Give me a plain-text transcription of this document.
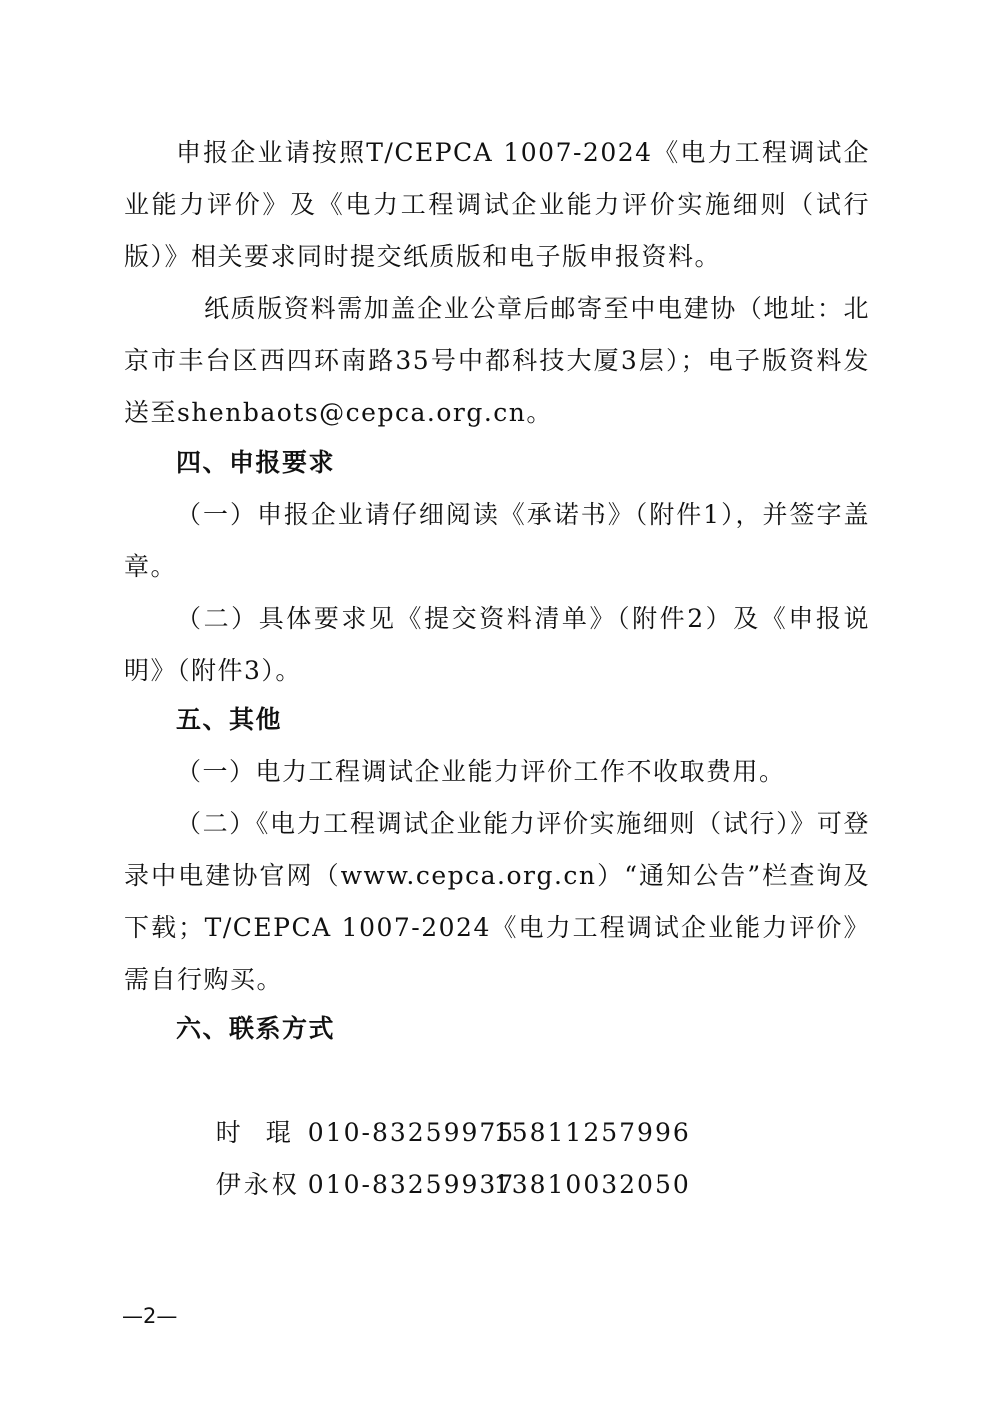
申报企业请按照T/CEPCA 1007-2024《电力工程调试企业能力评价》及《电力工程调试企业能力评价实施细则（试行版）》相关要求同时提交纸质版和电子版申报资料。

纸质版资料需加盖企业公章后邮寄至中电建协（地址：北京市丰台区西四环南路35号中都科技大厦3层）；电子版资料发送至shenbaots@cepca.org.cn。

四、申报要求

（一）申报企业请仔细阅读《承诺书》（附件1），并签字盖章。

（二）具体要求见《提交资料清单》（附件2）及《申报说明》（附件3）。

五、其他

（一）电力工程调试企业能力评价工作不收取费用。

（二）《电力工程调试企业能力评价实施细则（试行）》可登录中电建协官网（www.cepca.org.cn）“通知公告”栏查询及下载；T/CEPCA 1007-2024《电力工程调试企业能力评价》需自行购买。

六、联系方式

时  琨 010-8325997515811257996

伊永权 010-8325993713810032050

—2—
